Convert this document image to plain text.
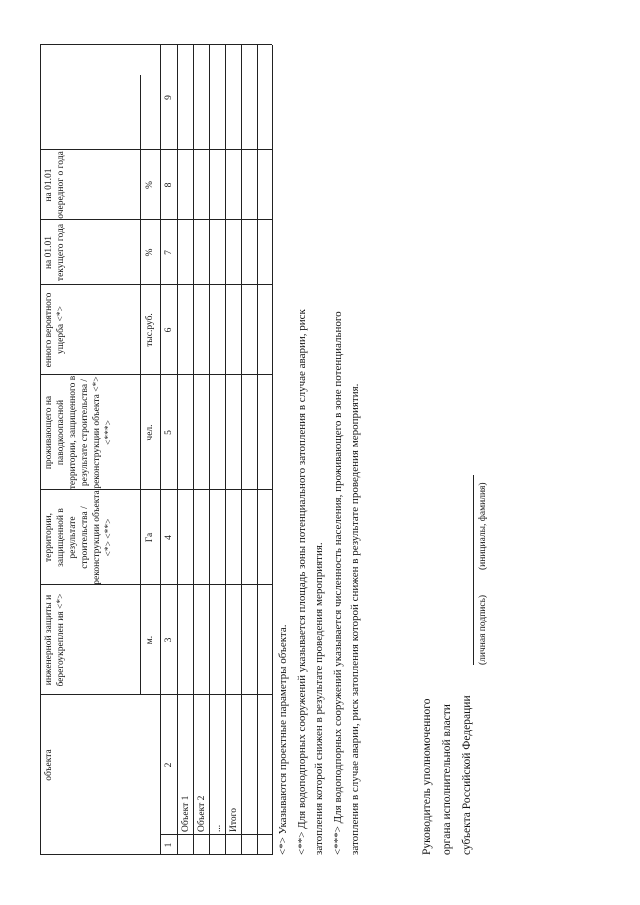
объекта
инженерной защиты и берегоукреплен ия <*>
территории, защищенной в результате строительства / реконструкции объекта <*> <**>
проживающего на паводкоопасной территории, защищенного в результате строительства / реконструкции объекта <*> <***>
енного вероятного ущерба <*>
на 01.01 текущего года
на 01.01 очередног о года
м.
Га
чел.
тыс.руб.
%
%
1
2
3
4
5
6
7
8
9
Объект 1 Объект 2 ... Итого	<*> Указываются проектные параметры объекта. <**> Для водоподпорных сооружений указывается площадь зоны потенциального затопления в случае аварии, риск затопления которой снижен в результате проведения мероприятия. <***> Для водоподпорных сооружений указывается численность населения, проживающего в зоне потенциального затопления в случае аварии, риск затопления которой снижен в результате проведения мероприятия.	Руководитель уполномоченного органа исполнительной власти субъекта Российской Федерации
(личная подпись)
(инициалы, фамилия)
